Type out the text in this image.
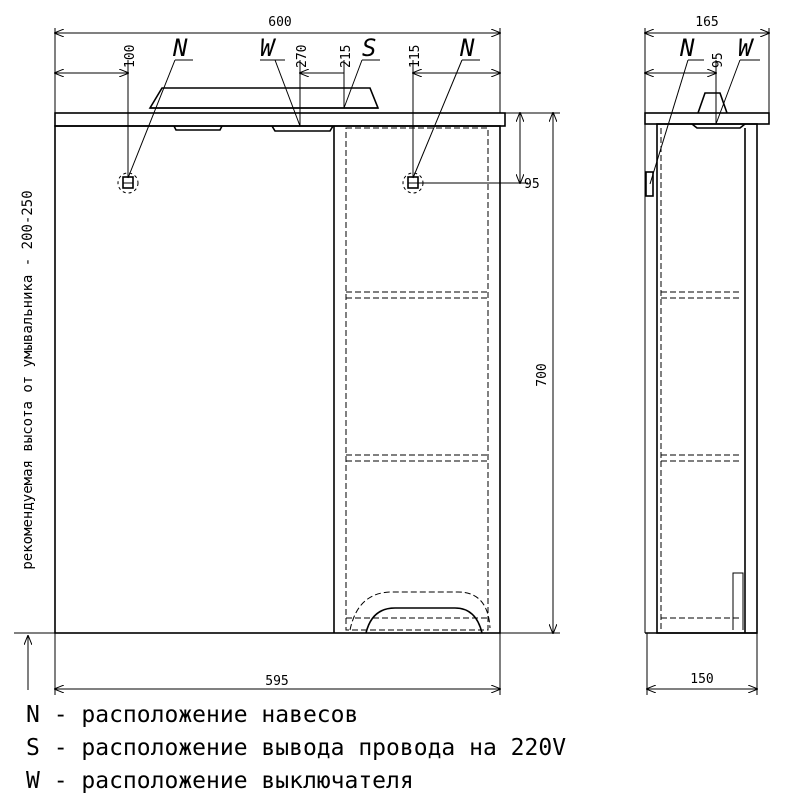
600
100	270 215	115
N	W	S	N
95
700
595
рекомендуемая высота от умывальника - 200-250
165
95
N W
150
N - расположение навесов
S - расположение вывода провода на 220V
W - расположение выключателя
